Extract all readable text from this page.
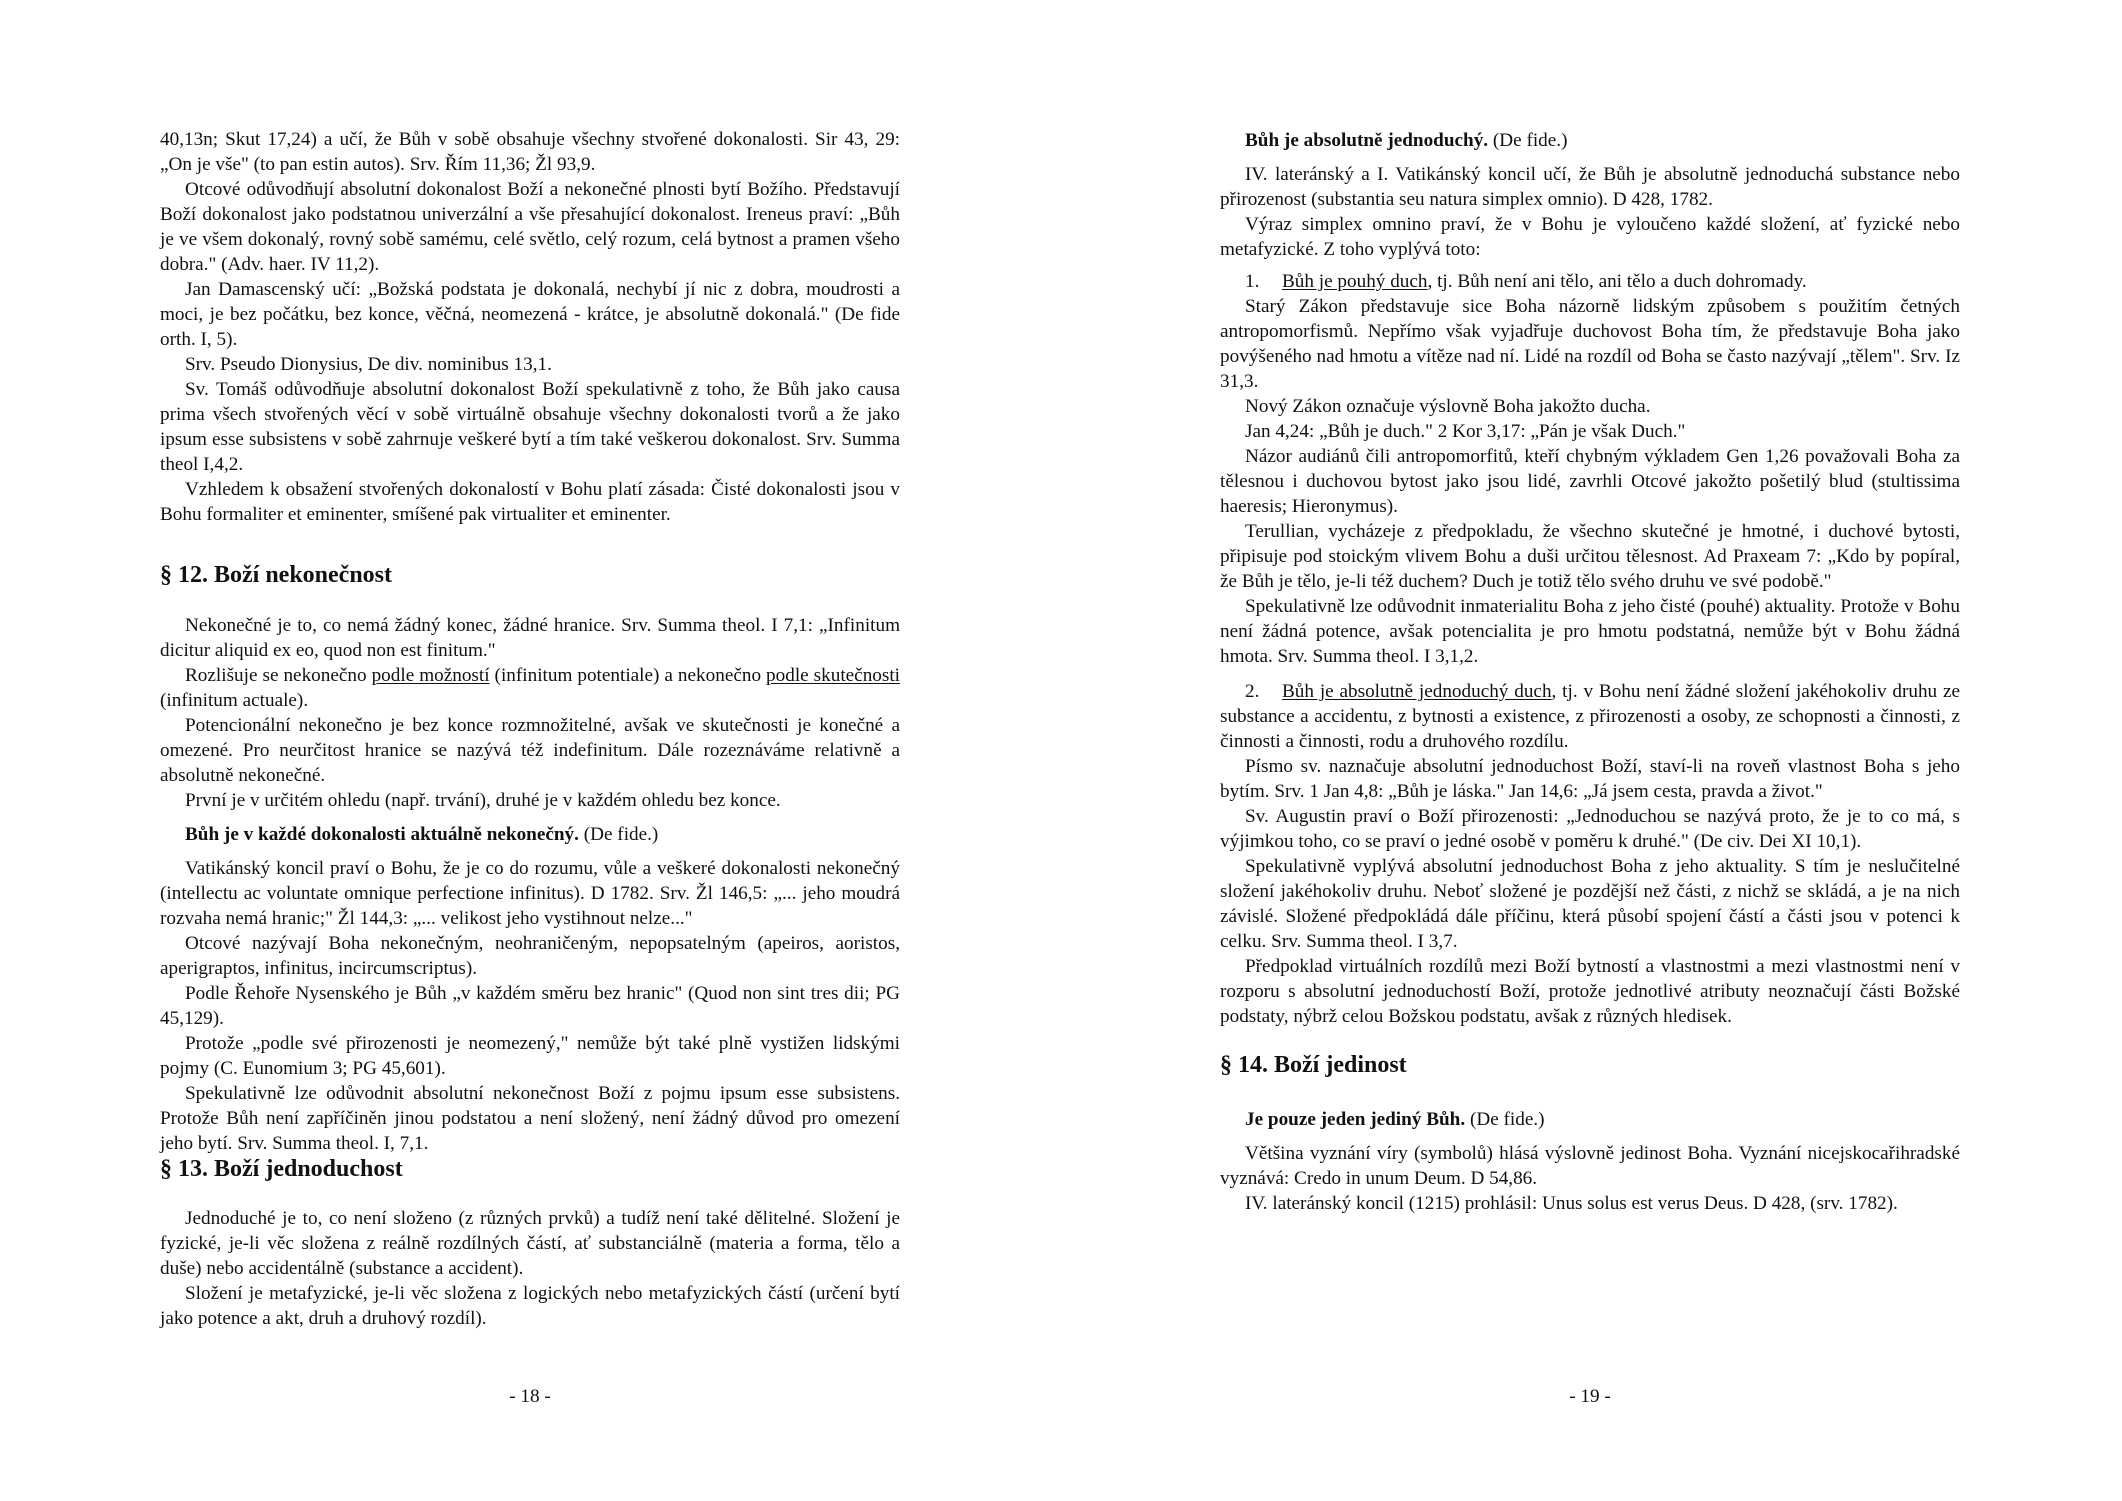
40,13n; Skut 17,24) a učí, že Bůh v sobě obsahuje všechny stvořené dokonalosti. Sir 43, 29: „On je vše" (to pan estin autos). Srv. Řím 11,36; Žl 93,9.

Otcové odůvodňují absolutní dokonalost Boží a nekonečné plnosti bytí Božího. Představují Boží dokonalost jako podstatnou univerzální a vše přesahující dokonalost. Ireneus praví: „Bůh je ve všem dokonalý, rovný sobě samému, celé světlo, celý rozum, celá bytnost a pramen všeho dobra." (Adv. haer. IV 11,2).

Jan Damascenský učí: „Božská podstata je dokonalá, nechybí jí nic z dobra, moudrosti a moci, je bez počátku, bez konce, věčná, neomezená - krátce, je absolutně dokonalá." (De fide orth. I, 5).

Srv. Pseudo Dionysius, De div. nominibus 13,1.

Sv. Tomáš odůvodňuje absolutní dokonalost Boží spekulativně z toho, že Bůh jako causa prima všech stvořených věcí v sobě virtuálně obsahuje všechny dokonalosti tvorů a že jako ipsum esse subsistens v sobě zahrnuje veškeré bytí a tím také veškerou dokonalost. Srv. Summa theol I,4,2.

Vzhledem k obsažení stvořených dokonalostí v Bohu platí zásada: Čisté dokonalosti jsou v Bohu formaliter et eminenter, smíšené pak virtualiter et eminenter.

§ 12. Boží nekonečnost

Nekonečné je to, co nemá žádný konec, žádné hranice. Srv. Summa theol. I 7,1: „Infinitum dicitur aliquid ex eo, quod non est finitum."

Rozlišuje se nekonečno podle možností (infinitum potentiale) a nekonečno podle skutečnosti (infinitum actuale).

Potencionální nekonečno je bez konce rozmnožitelné, avšak ve skutečnosti je konečné a omezené. Pro neurčitost hranice se nazývá též indefinitum. Dále rozeznáváme relativně a absolutně nekonečné.

První je v určitém ohledu (např. trvání), druhé je v každém ohledu bez konce.

Bůh je v každé dokonalosti aktuálně nekonečný. (De fide.)

Vatikánský koncil praví o Bohu, že je co do rozumu, vůle a veškeré dokonalosti nekonečný (intellectu ac voluntate omnique perfectione infinitus). D 1782. Srv. Žl 146,5: „... jeho moudrá rozvaha nemá hranic;" Žl 144,3: „... velikost jeho vystihnout nelze..."

Otcové nazývají Boha nekonečným, neohraničeným, nepopsatelným (apeiros, aoristos, aperigraptos, infinitus, incircumscriptus).

Podle Řehoře Nysenského je Bůh „v každém směru bez hranic" (Quod non sint tres dii; PG 45,129).

Protože „podle své přirozenosti je neomezený," nemůže být také plně vystižen lidskými pojmy (C. Eunomium 3; PG 45,601).

Spekulativně lze odůvodnit absolutní nekonečnost Boží z pojmu ipsum esse subsistens. Protože Bůh není zapříčiněn jinou podstatou a není složený, není žádný důvod pro omezení jeho bytí. Srv. Summa theol. I, 7,1.

§ 13. Boží jednoduchost

Jednoduché je to, co není složeno (z různých prvků) a tudíž není také dělitelné. Složení je fyzické, je-li věc složena z reálně rozdílných částí, ať substanciálně (materia a forma, tělo a duše) nebo accidentálně (substance a accident).

Složení je metafyzické, je-li věc složena z logických nebo metafyzických částí (určení bytí jako potence a akt, druh a druhový rozdíl).

- 18 -

Bůh je absolutně jednoduchý. (De fide.)

IV. lateránský a I. Vatikánský koncil učí, že Bůh je absolutně jednoduchá substance nebo přirozenost (substantia seu natura simplex omnio). D 428, 1782.

Výraz simplex omnino praví, že v Bohu je vyloučeno každé složení, ať fyzické nebo metafyzické. Z toho vyplývá toto:

1. Bůh je pouhý duch, tj. Bůh není ani tělo, ani tělo a duch dohromady.

Starý Zákon představuje sice Boha názorně lidským způsobem s použitím četných antropomorfismů. Nepřímo však vyjadřuje duchovost Boha tím, že představuje Boha jako povýšeného nad hmotu a vítěze nad ní. Lidé na rozdíl od Boha se často nazývají „tělem". Srv. Iz 31,3.

Nový Zákon označuje výslovně Boha jakožto ducha.

Jan 4,24: „Bůh je duch." 2 Kor 3,17: „Pán je však Duch."

Názor audiánů čili antropomorfitů, kteří chybným výkladem Gen 1,26 považovali Boha za tělesnou i duchovou bytost jako jsou lidé, zavrhli Otcové jakožto pošetilý blud (stultissima haeresis; Hieronymus).

Terullian, vycházeje z předpokladu, že všechno skutečné je hmotné, i duchové bytosti, připisuje pod stoickým vlivem Bohu a duši určitou tělesnost. Ad Praxeam 7: „Kdo by popíral, že Bůh je tělo, je-li též duchem? Duch je totiž tělo svého druhu ve své podobě."

Spekulativně lze odůvodnit inmaterialitu Boha z jeho čisté (pouhé) aktuality. Protože v Bohu není žádná potence, avšak potencialita je pro hmotu podstatná, nemůže být v Bohu žádná hmota. Srv. Summa theol. I 3,1,2.

2. Bůh je absolutně jednoduchý duch, tj. v Bohu není žádné složení jakéhokoliv druhu ze substance a accidentu, z bytnosti a existence, z přirozenosti a osoby, ze schopnosti a činnosti, z činnosti a činnosti, rodu a druhového rozdílu.

Písmo sv. naznačuje absolutní jednoduchost Boží, staví-li na roveň vlastnost Boha s jeho bytím. Srv. 1 Jan 4,8: „Bůh je láska." Jan 14,6: „Já jsem cesta, pravda a život."

Sv. Augustin praví o Boží přirozenosti: „Jednoduchou se nazývá proto, že je to co má, s výjimkou toho, co se praví o jedné osobě v poměru k druhé." (De civ. Dei XI 10,1).

Spekulativně vyplývá absolutní jednoduchost Boha z jeho aktuality. S tím je neslučitelné složení jakéhokoliv druhu. Neboť složené je pozdější než části, z nichž se skládá, a je na nich závislé. Složené předpokládá dále příčinu, která působí spojení částí a části jsou v potenci k celku. Srv. Summa theol. I 3,7.

Předpoklad virtuálních rozdílů mezi Boží bytností a vlastnostmi a mezi vlastnostmi není v rozporu s absolutní jednoduchostí Boží, protože jednotlivé atributy neoznačují části Božské podstaty, nýbrž celou Božskou podstatu, avšak z různých hledisek.

§ 14. Boží jedinost

Je pouze jeden jediný Bůh. (De fide.)

Většina vyznání víry (symbolů) hlásá výslovně jedinost Boha. Vyznání nicejskocařihradské vyznává: Credo in unum Deum. D 54,86.

IV. lateránský koncil (1215) prohlásil: Unus solus est verus Deus. D 428, (srv. 1782).

- 19 -
